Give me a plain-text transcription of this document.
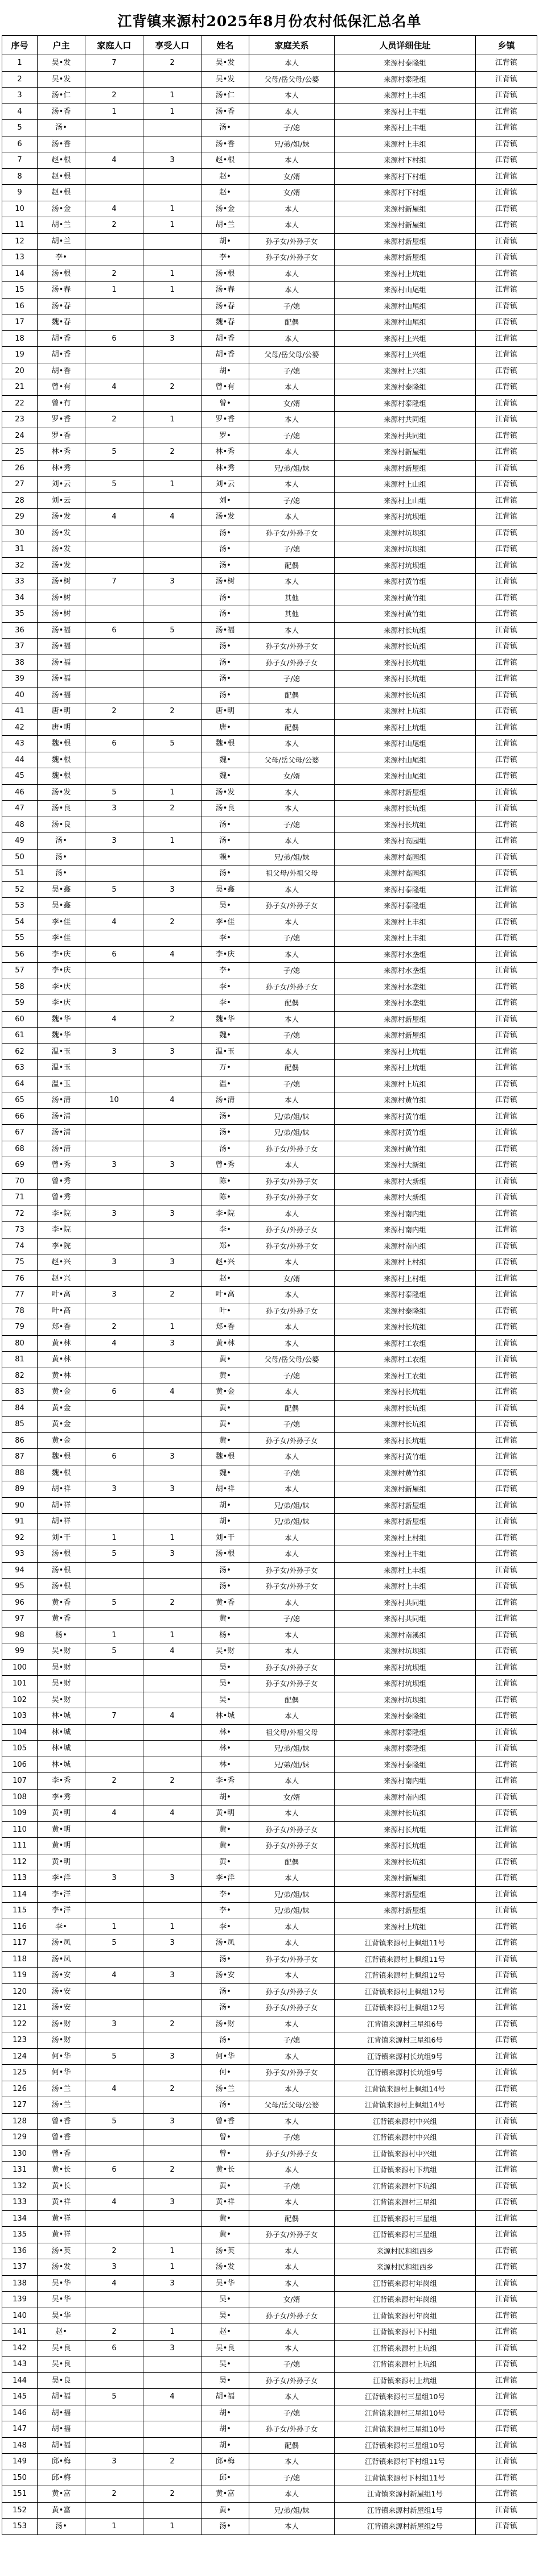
江背镇来源村2025年8月份农村低保汇总名单
序号	户主	家庭人口	享受人口	姓名	家庭关系	人员详细住址	乡镇
1	吴•发	7	2	吴•发	本人	来源村泰隆组	江背镇
2	吴•发			吴•发	父母/岳父母/公婆	来源村泰隆组	江背镇
3	汤•仁	2	1	汤•仁	本人	来源村上丰组	江背镇
4	汤•香	1	1	汤•香	本人	来源村上丰组	江背镇
5	汤•			汤•	子/媳	来源村上丰组	江背镇
6	汤•香			汤•香	兄/弟/姐/妹	来源村上丰组	江背镇
7	赵•根	4	3	赵•根	本人	来源村下村组	江背镇
8	赵•根			赵•	女/婿	来源村下村组	江背镇
9	赵•根			赵•	女/婿	来源村下村组	江背镇
10	汤•金	4	1	汤•金	本人	来源村新屋组	江背镇
11	胡•兰	2	1	胡•兰	本人	来源村新屋组	江背镇
12	胡•兰			胡•	孙子女/外孙子女	来源村新屋组	江背镇
13	李•			李•	孙子女/外孙子女	来源村新屋组	江背镇
14	汤•根	2	1	汤•根	本人	来源村上坑组	江背镇
15	汤•春	1	1	汤•春	本人	来源村山尾组	江背镇
16	汤•春			汤•春	子/媳	来源村山尾组	江背镇
17	魏•春			魏•春	配偶	来源村山尾组	江背镇
18	胡•香	6	3	胡•香	本人	来源村上兴组	江背镇
19	胡•香			胡•香	父母/岳父母/公婆	来源村上兴组	江背镇
20	胡•香			胡•	子/媳	来源村上兴组	江背镇
21	曾•有	4	2	曾•有	本人	来源村泰隆组	江背镇
22	曾•有			曾•	女/婿	来源村泰隆组	江背镇
23	罗•香	2	1	罗•香	本人	来源村共同组	江背镇
24	罗•香			罗•	子/媳	来源村共同组	江背镇
25	林•秀	5	2	林•秀	本人	来源村新屋组	江背镇
26	林•秀			林•秀	兄/弟/姐/妹	来源村新屋组	江背镇
27	刘•云	5	1	刘•云	本人	来源村上山组	江背镇
28	刘•云			刘•	子/媳	来源村上山组	江背镇
29	汤•发	4	4	汤•发	本人	来源村坑坝组	江背镇
30	汤•发			汤•	孙子女/外孙子女	来源村坑坝组	江背镇
31	汤•发			汤•	子/媳	来源村坑坝组	江背镇
32	汤•发			汤•	配偶	来源村坑坝组	江背镇
33	汤•树	7	3	汤•树	本人	来源村黄竹组	江背镇
34	汤•树			汤•	其他	来源村黄竹组	江背镇
35	汤•树			汤•	其他	来源村黄竹组	江背镇
36	汤•福	6	5	汤•福	本人	来源村长坑组	江背镇
37	汤•福			汤•	孙子女/外孙子女	来源村长坑组	江背镇
38	汤•福			汤•	孙子女/外孙子女	来源村长坑组	江背镇
39	汤•福			汤•	子/媳	来源村长坑组	江背镇
40	汤•福			汤•	配偶	来源村长坑组	江背镇
41	唐•明	2	2	唐•明	本人	来源村上坑组	江背镇
42	唐•明			唐•	配偶	来源村上坑组	江背镇
43	魏•根	6	5	魏•根	本人	来源村山尾组	江背镇
44	魏•根			魏•	父母/岳父母/公婆	来源村山尾组	江背镇
45	魏•根			魏•	女/婿	来源村山尾组	江背镇
46	汤•发	5	1	汤•发	本人	来源村新屋组	江背镇
47	汤•良	3	2	汤•良	本人	来源村长坑组	江背镇
48	汤•良			汤•	子/媳	来源村长坑组	江背镇
49	汤•	3	1	汤•	本人	来源村高园组	江背镇
50	汤•			赖•	兄/弟/姐/妹	来源村高园组	江背镇
51	汤•			汤•	祖父母/外祖父母	来源村高园组	江背镇
52	吴•鑫	5	3	吴•鑫	本人	来源村泰隆组	江背镇
53	吴•鑫			吴•	孙子女/外孙子女	来源村泰隆组	江背镇
54	李•佳	4	2	李•佳	本人	来源村上丰组	江背镇
55	李•佳			李•	子/媳	来源村上丰组	江背镇
56	李•庆	6	4	李•庆	本人	来源村水垄组	江背镇
57	李•庆			李•	子/媳	来源村水垄组	江背镇
58	李•庆			李•	孙子女/外孙子女	来源村水垄组	江背镇
59	李•庆			李•	配偶	来源村水垄组	江背镇
60	魏•华	4	2	魏•华	本人	来源村新屋组	江背镇
61	魏•华			魏•	子/媳	来源村新屋组	江背镇
62	温•玉	3	3	温•玉	本人	来源村上坑组	江背镇
63	温•玉			万•	配偶	来源村上坑组	江背镇
64	温•玉			温•	子/媳	来源村上坑组	江背镇
65	汤•清	10	4	汤•清	本人	来源村黄竹组	江背镇
66	汤•清			汤•	兄/弟/姐/妹	来源村黄竹组	江背镇
67	汤•清			汤•	兄/弟/姐/妹	来源村黄竹组	江背镇
68	汤•清			汤•	孙子女/外孙子女	来源村黄竹组	江背镇
69	曾•秀	3	3	曾•秀	本人	来源村大新组	江背镇
70	曾•秀			陈•	孙子女/外孙子女	来源村大新组	江背镇
71	曾•秀			陈•	孙子女/外孙子女	来源村大新组	江背镇
72	李•院	3	3	李•院	本人	来源村南内组	江背镇
73	李•院			李•	孙子女/外孙子女	来源村南内组	江背镇
74	李•院			郑•	孙子女/外孙子女	来源村南内组	江背镇
75	赵•兴	3	3	赵•兴	本人	来源村上村组	江背镇
76	赵•兴			赵•	女/婿	来源村上村组	江背镇
77	叶•高	3	2	叶•高	本人	来源村泰隆组	江背镇
78	叶•高			叶•	孙子女/外孙子女	来源村泰隆组	江背镇
79	郑•香	2	1	郑•香	本人	来源村长坑组	江背镇
80	黄•林	4	3	黄•林	本人	来源村工农组	江背镇
81	黄•林			黄•	父母/岳父母/公婆	来源村工农组	江背镇
82	黄•林			黄•	子/媳	来源村工农组	江背镇
83	黄•金	6	4	黄•金	本人	来源村长坑组	江背镇
84	黄•金			黄•	配偶	来源村长坑组	江背镇
85	黄•金			黄•	子/媳	来源村长坑组	江背镇
86	黄•金			黄•	孙子女/外孙子女	来源村长坑组	江背镇
87	魏•根	6	3	魏•根	本人	来源村黄竹组	江背镇
88	魏•根			魏•	子/媳	来源村黄竹组	江背镇
89	胡•祥	3	3	胡•祥	本人	来源村新屋组	江背镇
90	胡•祥			胡•	兄/弟/姐/妹	来源村新屋组	江背镇
91	胡•祥			胡•	兄/弟/姐/妹	来源村新屋组	江背镇
92	刘•干	1	1	刘•干	本人	来源村上村组	江背镇
93	汤•根	5	3	汤•根	本人	来源村上丰组	江背镇
94	汤•根			汤•	孙子女/外孙子女	来源村上丰组	江背镇
95	汤•根			汤•	孙子女/外孙子女	来源村上丰组	江背镇
96	黄•香	5	2	黄•香	本人	来源村共同组	江背镇
97	黄•香			黄•	子/媳	来源村共同组	江背镇
98	杨•	1	1	杨•	本人	来源村南溪组	江背镇
99	吴•财	5	4	吴•财	本人	来源村坑坝组	江背镇
100	吴•财			吴•	孙子女/外孙子女	来源村坑坝组	江背镇
101	吴•财			吴•	孙子女/外孙子女	来源村坑坝组	江背镇
102	吴•财			吴•	配偶	来源村坑坝组	江背镇
103	林•城	7	4	林•城	本人	来源村泰隆组	江背镇
104	林•城			林•	祖父母/外祖父母	来源村泰隆组	江背镇
105	林•城			林•	兄/弟/姐/妹	来源村泰隆组	江背镇
106	林•城			林•	兄/弟/姐/妹	来源村泰隆组	江背镇
107	李•秀	2	2	李•秀	本人	来源村南内组	江背镇
108	李•秀			胡•	女/婿	来源村南内组	江背镇
109	黄•明	4	4	黄•明	本人	来源村长坑组	江背镇
110	黄•明			黄•	孙子女/外孙子女	来源村长坑组	江背镇
111	黄•明			黄•	孙子女/外孙子女	来源村长坑组	江背镇
112	黄•明			黄•	配偶	来源村长坑组	江背镇
113	李•洋	3	3	李•洋	本人	来源村新屋组	江背镇
114	李•洋			李•	兄/弟/姐/妹	来源村新屋组	江背镇
115	李•洋			李•	兄/弟/姐/妹	来源村新屋组	江背镇
116	李•	1	1	李•	本人	来源村上坑组	江背镇
117	汤•凤	5	3	汤•凤	本人	江背镇来源村上枫组11号	江背镇
118	汤•凤			汤•	孙子女/外孙子女	江背镇来源村上枫组11号	江背镇
119	汤•安	4	3	汤•安	本人	江背镇来源村上枫组12号	江背镇
120	汤•安			汤•	孙子女/外孙子女	江背镇来源村上枫组12号	江背镇
121	汤•安			汤•	孙子女/外孙子女	江背镇来源村上枫组12号	江背镇
122	汤•财	3	2	汤•财	本人	江背镇来源村三星组6号	江背镇
123	汤•财			汤•	子/媳	江背镇来源村三星组6号	江背镇
124	何•华	5	3	何•华	本人	江背镇来源村长坑组9号	江背镇
125	何•华			何•	孙子女/外孙子女	江背镇来源村长坑组9号	江背镇
126	汤•兰	4	2	汤•兰	本人	江背镇来源村上枫组14号	江背镇
127	汤•兰			汤•	父母/岳父母/公婆	江背镇来源村上枫组14号	江背镇
128	曾•香	5	3	曾•香	本人	江背镇来源村中兴组	江背镇
129	曾•香			曾•	子/媳	江背镇来源村中兴组	江背镇
130	曾•香			曾•	孙子女/外孙子女	江背镇来源村中兴组	江背镇
131	黄•长	6	2	黄•长	本人	江背镇来源村下坑组	江背镇
132	黄•长			黄•	子/媳	江背镇来源村下坑组	江背镇
133	黄•祥	4	3	黄•祥	本人	江背镇来源村三星组	江背镇
134	黄•祥			黄•	配偶	江背镇来源村三星组	江背镇
135	黄•祥			黄•	孙子女/外孙子女	江背镇来源村三星组	江背镇
136	汤•英	2	1	汤•英	本人	来源村民和组西乡	江背镇
137	汤•发	3	1	汤•发	本人	来源村民和组西乡	江背镇
138	吴•华	4	3	吴•华	本人	江背镇来源村年岗组	江背镇
139	吴•华			吴•	女/婿	江背镇来源村年岗组	江背镇
140	吴•华			吴•	孙子女/外孙子女	江背镇来源村年岗组	江背镇
141	赵•	2	1	赵•	本人	江背镇来源村下村组	江背镇
142	吴•良	6	3	吴•良	本人	江背镇来源村上坑组	江背镇
143	吴•良			吴•	子/媳	江背镇来源村上坑组	江背镇
144	吴•良			吴•	孙子女/外孙子女	江背镇来源村上坑组	江背镇
145	胡•福	5	4	胡•福	本人	江背镇来源村三星组10号	江背镇
146	胡•福			胡•	子/媳	江背镇来源村三星组10号	江背镇
147	胡•福			胡•	孙子女/外孙子女	江背镇来源村三星组10号	江背镇
148	胡•福			胡•	配偶	江背镇来源村三星组10号	江背镇
149	邱•梅	3	2	邱•梅	本人	江背镇来源村下村组11号	江背镇
150	邱•梅			邱•	子/媳	江背镇来源村下村组11号	江背镇
151	黄•富	2	2	黄•富	本人	江背镇来源村新屋组1号	江背镇
152	黄•富			黄•	兄/弟/姐/妹	江背镇来源村新屋组1号	江背镇
153	汤•	1	1	汤•	本人	江背镇来源村新屋组2号	江背镇
